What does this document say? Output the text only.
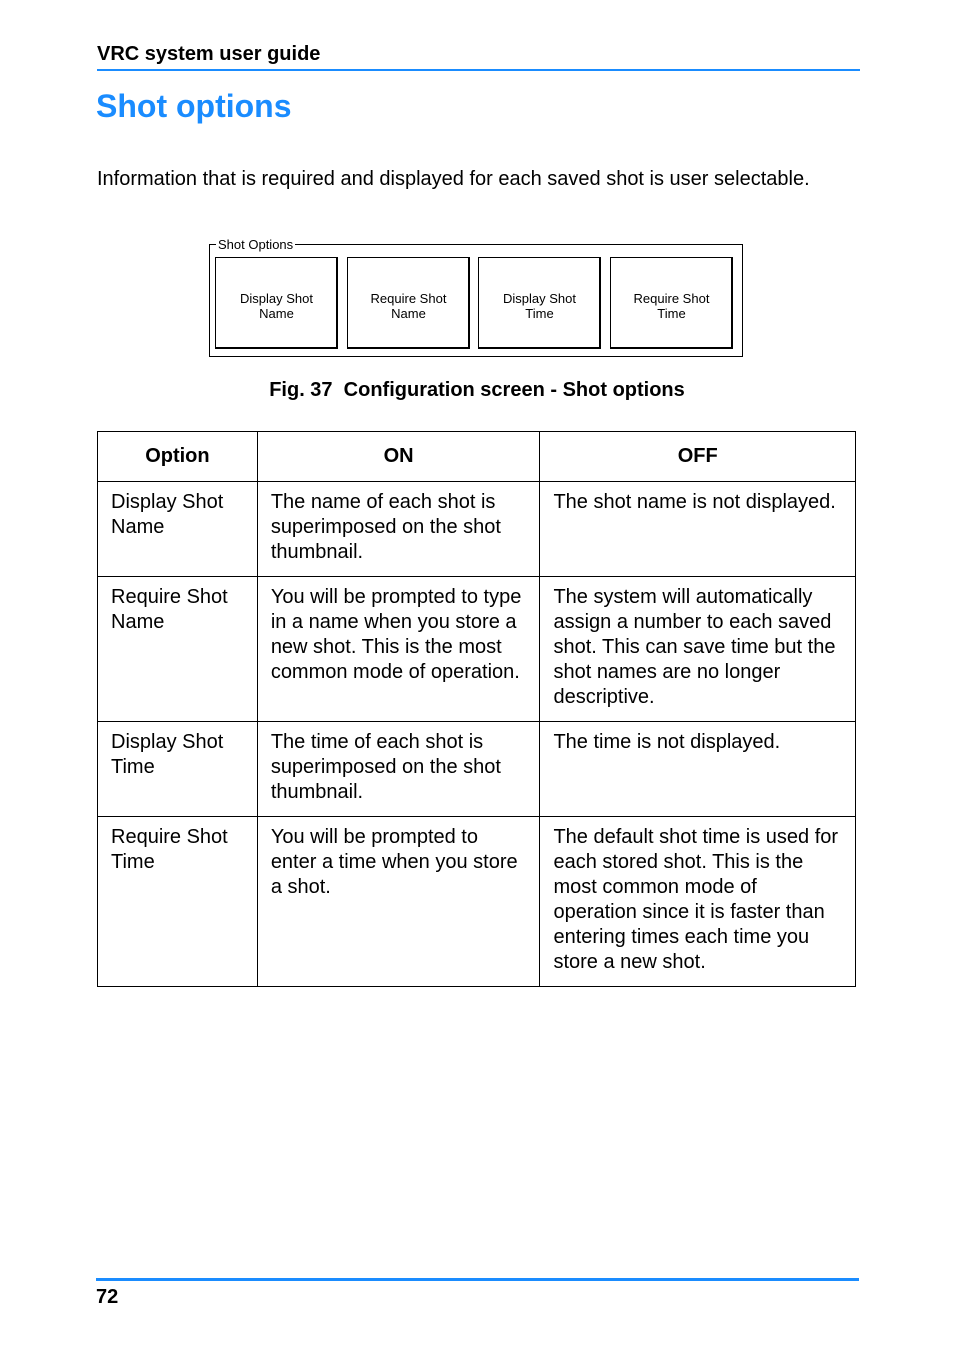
VRC system user guide
Shot options

Information that is required and displayed for each saved shot is user selectable.

Shot Options
Display Shot
Name
Require Shot
Name
Display Shot
Time
Require Shot
Time
Fig. 37  Configuration screen - Shot options
Option	ON	OFF
Display Shot Name	The name of each shot is superimposed on the shot thumbnail.	The shot name is not displayed.
Require Shot Name	You will be prompted to type in a name when you store a new shot. This is the most common mode of operation.	The system will automatically assign a number to each saved shot. This can save time but the shot names are no longer descriptive.
Display Shot Time	The time of each shot is superimposed on the shot thumbnail.	The time is not displayed.
Require Shot Time	You will be prompted to enter a time when you store a shot.	The default shot time is used for each stored shot. This is the most common mode of operation since it is faster than entering times each time you store a new shot.
72
